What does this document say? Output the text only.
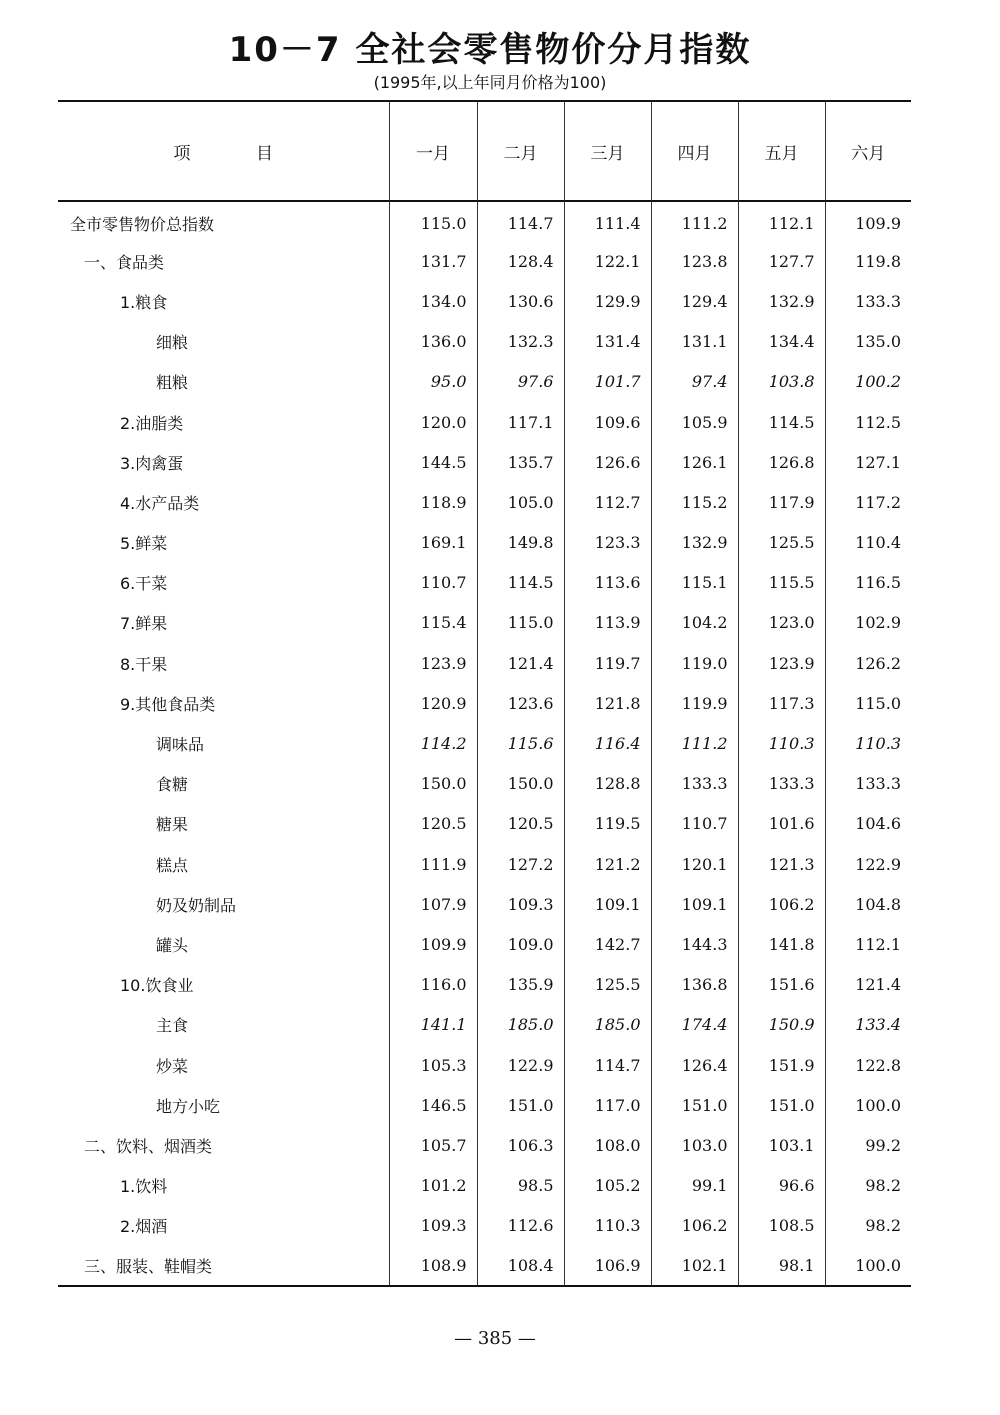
10－7 全社会零售物价分月指数
(1995年,以上年同月价格为100)
项 目	一月	二月	三月	四月	五月	六月
全市零售物价总指数	115.0	114.7	111.4	111.2	112.1	109.9
一、食品类	131.7	128.4	122.1	123.8	127.7	119.8
1.粮食	134.0	130.6	129.9	129.4	132.9	133.3
细粮	136.0	132.3	131.4	131.1	134.4	135.0
粗粮	95.0	97.6	101.7	97.4	103.8	100.2
2.油脂类	120.0	117.1	109.6	105.9	114.5	112.5
3.肉禽蛋	144.5	135.7	126.6	126.1	126.8	127.1
4.水产品类	118.9	105.0	112.7	115.2	117.9	117.2
5.鲜菜	169.1	149.8	123.3	132.9	125.5	110.4
6.干菜	110.7	114.5	113.6	115.1	115.5	116.5
7.鲜果	115.4	115.0	113.9	104.2	123.0	102.9
8.干果	123.9	121.4	119.7	119.0	123.9	126.2
9.其他食品类	120.9	123.6	121.8	119.9	117.3	115.0
调味品	114.2	115.6	116.4	111.2	110.3	110.3
食糖	150.0	150.0	128.8	133.3	133.3	133.3
糖果	120.5	120.5	119.5	110.7	101.6	104.6
糕点	111.9	127.2	121.2	120.1	121.3	122.9
奶及奶制品	107.9	109.3	109.1	109.1	106.2	104.8
罐头	109.9	109.0	142.7	144.3	141.8	112.1
10.饮食业	116.0	135.9	125.5	136.8	151.6	121.4
主食	141.1	185.0	185.0	174.4	150.9	133.4
炒菜	105.3	122.9	114.7	126.4	151.9	122.8
地方小吃	146.5	151.0	117.0	151.0	151.0	100.0
二、饮料、烟酒类	105.7	106.3	108.0	103.0	103.1	99.2
1.饮料	101.2	98.5	105.2	99.1	96.6	98.2
2.烟酒	109.3	112.6	110.3	106.2	108.5	98.2
三、服装、鞋帽类	108.9	108.4	106.9	102.1	98.1	100.0
— 385 —
